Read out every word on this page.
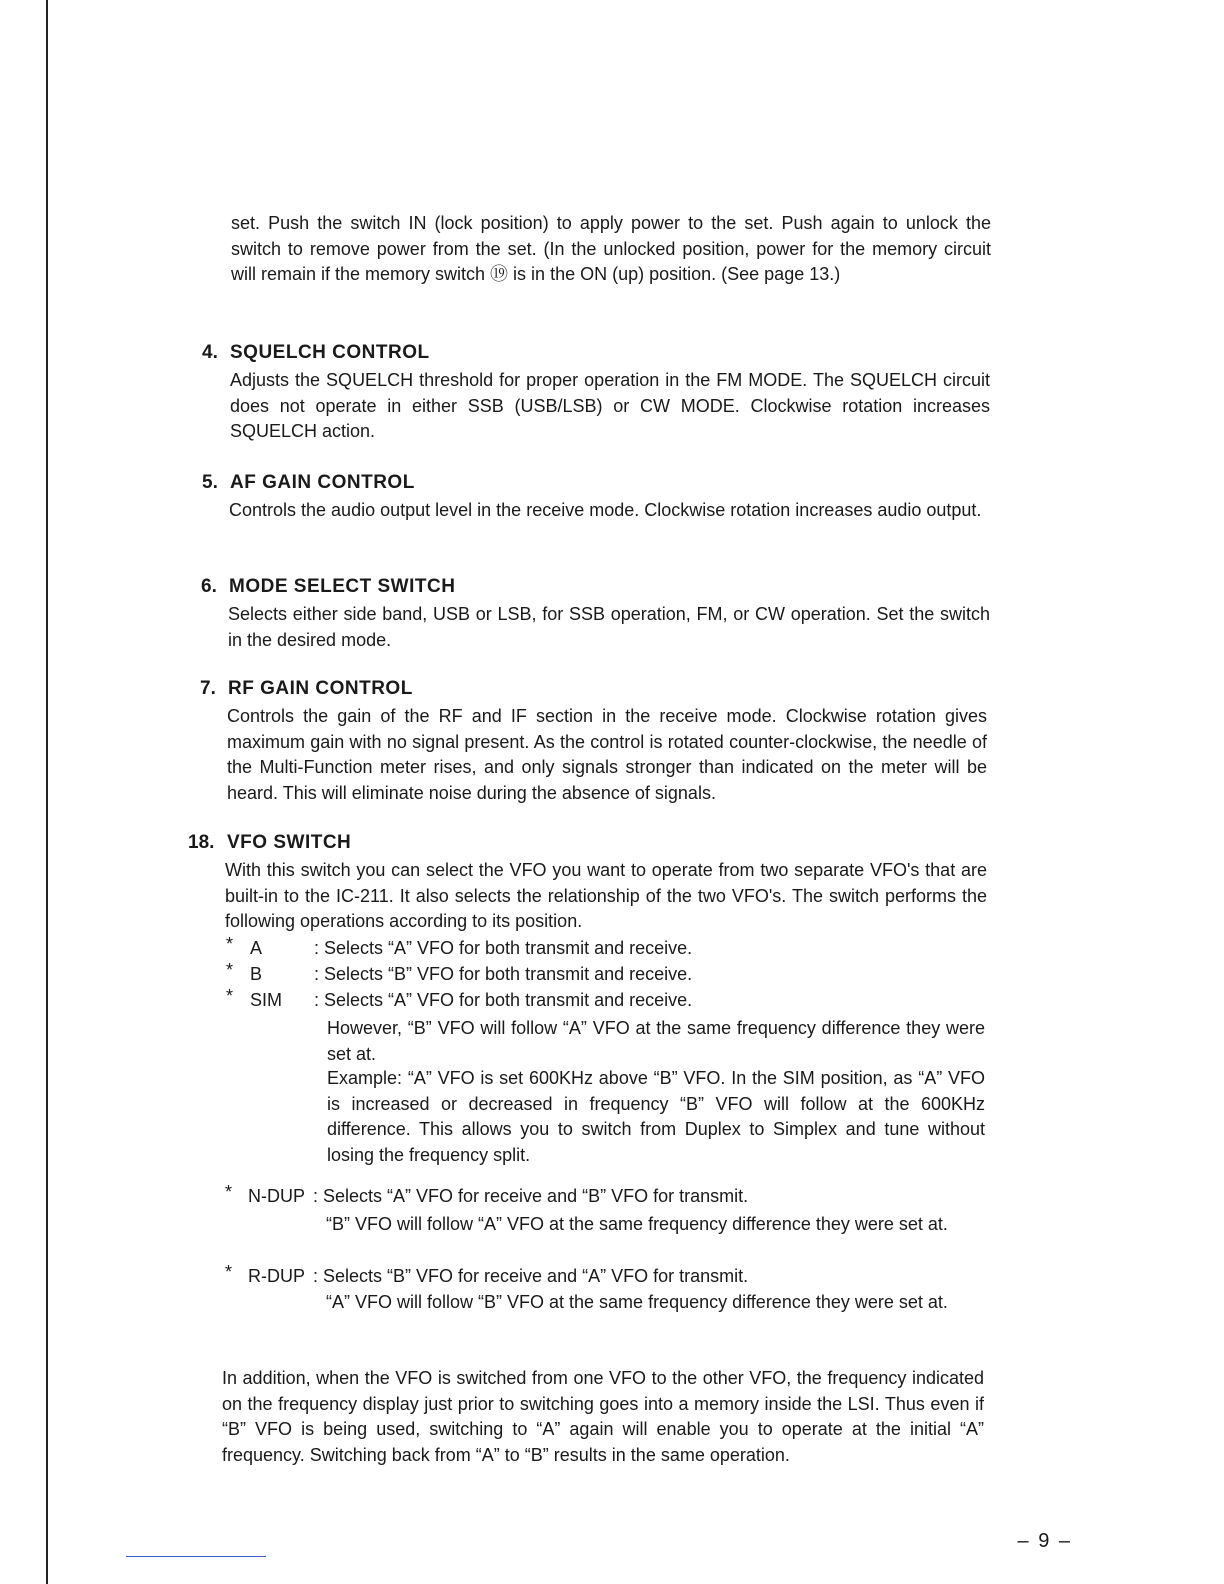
set. Push the switch IN (lock position) to apply power to the set. Push again to unlock the switch to remove power from the set. (In the unlocked position, power for the memory circuit will remain if the memory switch ⑲ is in the ON (up) position. (See page 13.)

4. SQUELCH CONTROL

Adjusts the SQUELCH threshold for proper operation in the FM MODE. The SQUELCH circuit does not operate in either SSB (USB/LSB) or CW MODE. Clockwise rotation increases SQUELCH action.

5. AF GAIN CONTROL

Controls the audio output level in the receive mode. Clockwise rotation increases audio output.

6. MODE SELECT SWITCH

Selects either side band, USB or LSB, for SSB operation, FM, or CW operation. Set the switch in the desired mode.

7. RF GAIN CONTROL

Controls the gain of the RF and IF section in the receive mode. Clockwise rotation gives maximum gain with no signal present. As the control is rotated counter-clockwise, the needle of the Multi-Function meter rises, and only signals stronger than indicated on the meter will be heard. This will eliminate noise during the absence of signals.

18. VFO SWITCH

With this switch you can select the VFO you want to operate from two separate VFO's that are built-in to the IC-211. It also selects the relationship of the two VFO's. The switch performs the following operations according to its position.

* A	: Selects “A” VFO for both transmit and receive.
* B	: Selects “B” VFO for both transmit and receive.
* SIM : Selects “A” VFO for both transmit and receive.

However, “B” VFO will follow “A” VFO at the same frequency difference they were set at.

Example: “A” VFO is set 600KHz above “B” VFO. In the SIM position, as “A” VFO is increased or decreased in frequency “B” VFO will follow at the 600KHz difference. This allows you to switch from Duplex to Simplex and tune without losing the frequency split.

* N-DUP : Selects “A” VFO for receive and “B” VFO for transmit.

“B” VFO will follow “A” VFO at the same frequency difference they were set at.

* R-DUP : Selects “B” VFO for receive and “A” VFO for transmit.

“A” VFO will follow “B” VFO at the same frequency difference they were set at.

In addition, when the VFO is switched from one VFO to the other VFO, the frequency indicated on the frequency display just prior to switching goes into a memory inside the LSI. Thus even if “B” VFO is being used, switching to “A” again will enable you to operate at the initial “A” frequency. Switching back from “A” to “B” results in the same operation.

– 9 –
